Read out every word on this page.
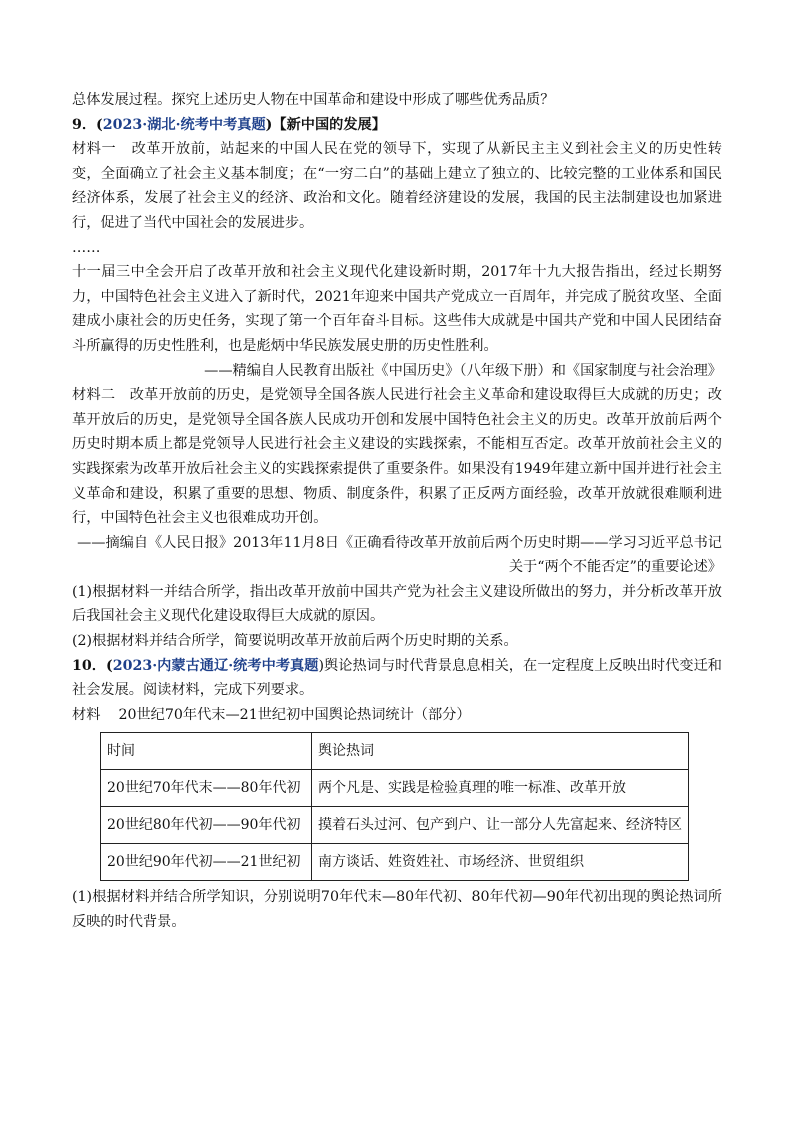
总体发展过程。探究上述历史人物在中国革命和建设中形成了哪些优秀品质？

9．(2023·湖北·统考中考真题)【新中国的发展】

材料一 改革开放前，站起来的中国人民在党的领导下，实现了从新民主主义到社会主义的历史性转变，全面确立了社会主义基本制度；在“一穷二白”的基础上建立了独立的、比较完整的工业体系和国民经济体系，发展了社会主义的经济、政治和文化。随着经济建设的发展，我国的民主法制建设也加紧进行，促进了当代中国社会的发展进步。

……

十一届三中全会开启了改革开放和社会主义现代化建设新时期，2017年十九大报告指出，经过长期努力，中国特色社会主义进入了新时代，2021年迎来中国共产党成立一百周年，并完成了脱贫攻坚、全面建成小康社会的历史任务，实现了第一个百年奋斗目标。这些伟大成就是中国共产党和中国人民团结奋斗所赢得的历史性胜利，也是彪炳中华民族发展史册的历史性胜利。

——精编自人民教育出版社《中国历史》（八年级下册）和《国家制度与社会治理》

材料二 改革开放前的历史，是党领导全国各族人民进行社会主义革命和建设取得巨大成就的历史；改革开放后的历史，是党领导全国各族人民成功开创和发展中国特色社会主义的历史。改革开放前后两个历史时期本质上都是党领导人民进行社会主义建设的实践探索，不能相互否定。改革开放前社会主义的实践探索为改革开放后社会主义的实践探索提供了重要条件。如果没有1949年建立新中国并进行社会主义革命和建设，积累了重要的思想、物质、制度条件，积累了正反两方面经验，改革开放就很难顺利进行，中国特色社会主义也很难成功开创。

——摘编自《人民日报》2013年11月8日《正确看待改革开放前后两个历史时期——学习习近平总书记

关于“两个不能否定”的重要论述》

(1)根据材料一并结合所学，指出改革开放前中国共产党为社会主义建设所做出的努力，并分析改革开放后我国社会主义现代化建设取得巨大成就的原因。

(2)根据材料并结合所学，简要说明改革开放前后两个历史时期的关系。

10．(2023·内蒙古通辽·统考中考真题)舆论热词与时代背景息息相关，在一定程度上反映出时代变迁和社会发展。阅读材料，完成下列要求。

材料 20世纪70年代末—21世纪初中国舆论热词统计（部分）

时间	舆论热词
20世纪70年代末——80年代初	两个凡是、实践是检验真理的唯一标准、改革开放
20世纪80年代初——90年代初	摸着石头过河、包产到户、让一部分人先富起来、经济特区
20世纪90年代初——21世纪初	南方谈话、姓资姓社、市场经济、世贸组织

(1)根据材料并结合所学知识，分别说明70年代末—80年代初、80年代初—90年代初出现的舆论热词所反映的时代背景。
